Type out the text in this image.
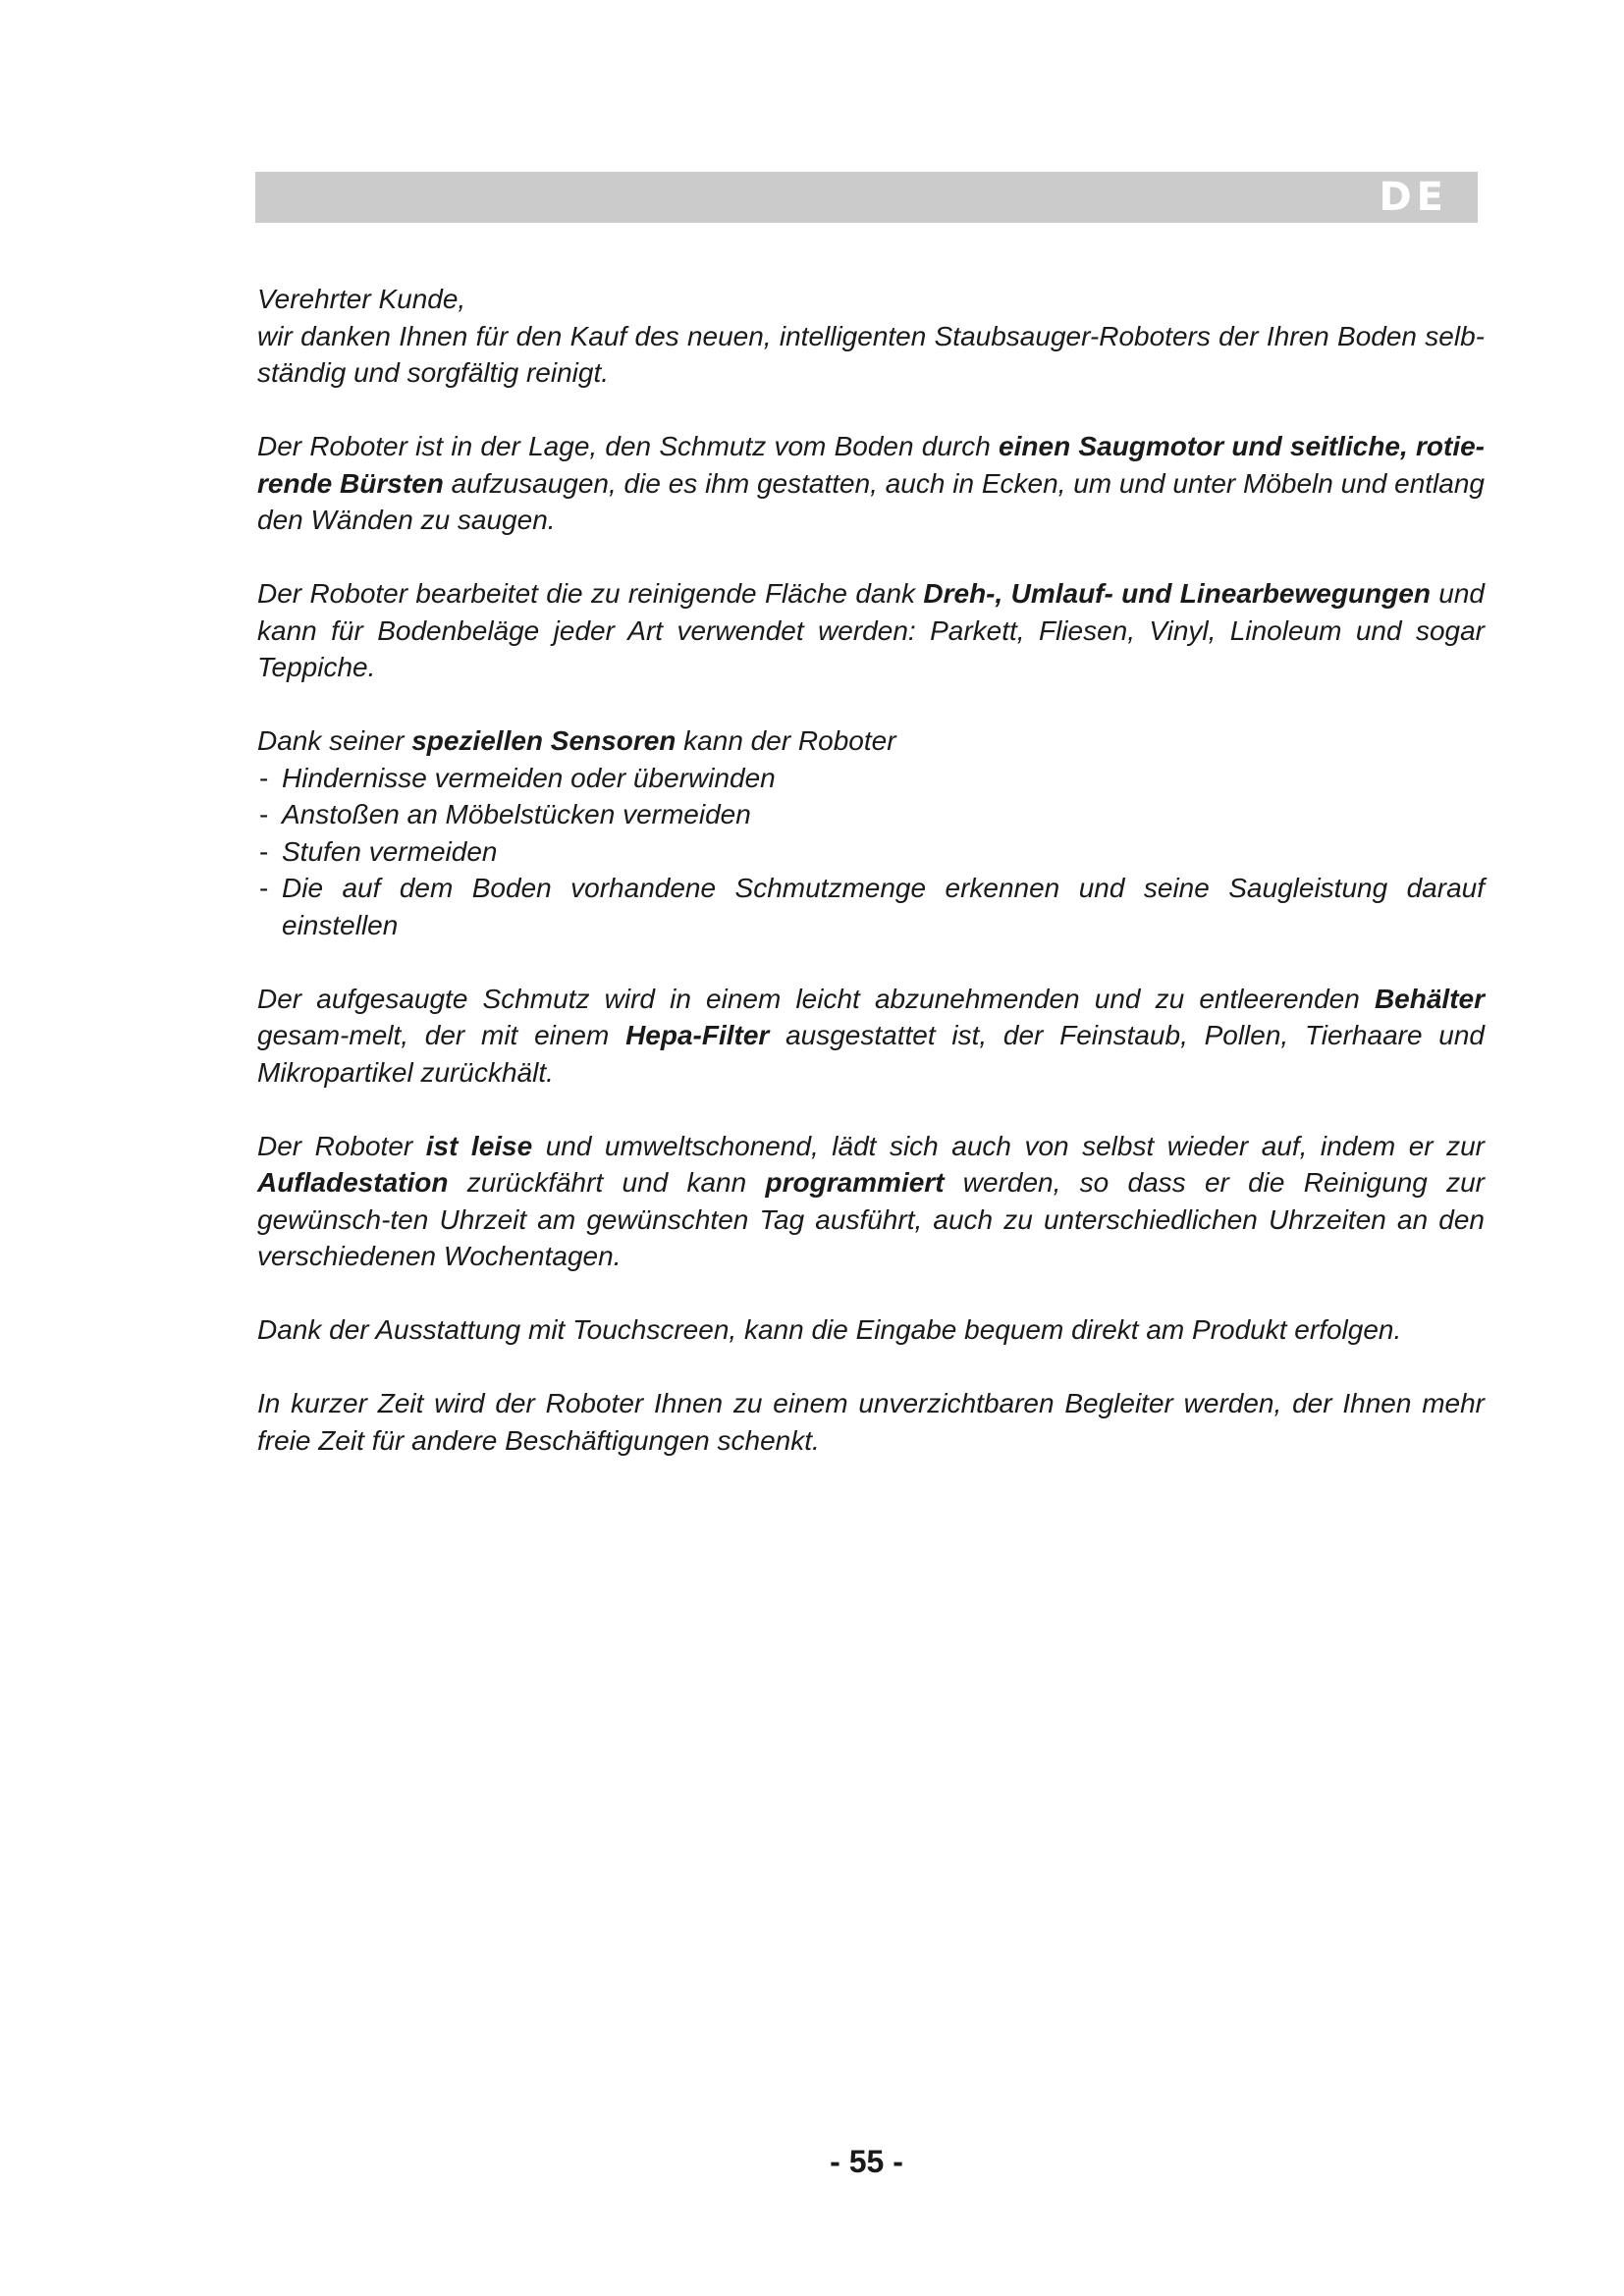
DE

Verehrter Kunde,

wir danken Ihnen für den Kauf des neuen, intelligenten Staubsauger-Roboters der Ihren Boden selb-ständig und sorgfältig reinigt.

Der Roboter ist in der Lage, den Schmutz vom Boden durch einen Saugmotor und seitliche, rotie-rende Bürsten aufzusaugen, die es ihm gestatten, auch in Ecken, um und unter Möbeln und entlang den Wänden zu saugen.

Der Roboter bearbeitet die zu reinigende Fläche dank Dreh-, Umlauf- und Linearbewegungen und kann für Bodenbeläge jeder Art verwendet werden: Parkett, Fliesen, Vinyl, Linoleum und sogar Teppiche.

Dank seiner speziellen Sensoren kann der Roboter

- Hindernisse vermeiden oder überwinden
- Anstoßen an Möbelstücken vermeiden
- Stufen vermeiden
- Die auf dem Boden vorhandene Schmutzmenge erkennen und seine Saugleistung darauf einstellen

Der aufgesaugte Schmutz wird in einem leicht abzunehmenden und zu entleerenden Behälter gesam-melt, der mit einem Hepa-Filter ausgestattet ist, der Feinstaub, Pollen, Tierhaare und Mikropartikel zurückhält.

Der Roboter ist leise und umweltschonend, lädt sich auch von selbst wieder auf, indem er zur Aufladestation zurückfährt und kann programmiert werden, so dass er die Reinigung zur gewünsch-ten Uhrzeit am gewünschten Tag ausführt, auch zu unterschiedlichen Uhrzeiten an den verschiedenen Wochentagen.

Dank der Ausstattung mit Touchscreen, kann die Eingabe bequem direkt am Produkt erfolgen.

In kurzer Zeit wird der Roboter Ihnen zu einem unverzichtbaren Begleiter werden, der Ihnen mehr freie Zeit für andere Beschäftigungen schenkt.

- 55 -
